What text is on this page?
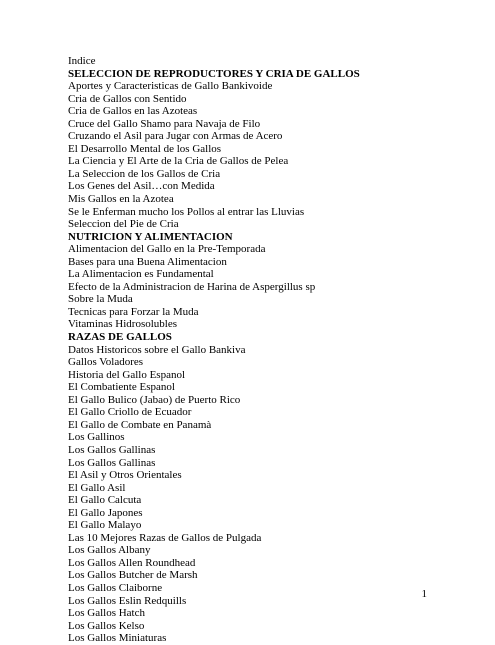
Indice
SELECCION DE REPRODUCTORES Y CRIA DE GALLOS
Aportes y Caracteristicas de Gallo Bankivoide
Cria de Gallos con Sentido
Cria de Gallos en las Azoteas
Cruce del Gallo Shamo para Navaja de Filo
Cruzando el Asil para Jugar con Armas de Acero
El Desarrollo Mental de los Gallos
La Ciencia y El Arte de la Cria de Gallos de Pelea
La Seleccion de los Gallos de Cria
Los Genes del Asil…con Medida
Mis Gallos en la Azotea
Se le Enferman mucho los Pollos al entrar las Lluvias
Seleccion del Pie de Cria
NUTRICION Y ALIMENTACION
Alimentacion del Gallo en la Pre-Temporada
Bases para una Buena Alimentacion
La Alimentacion es Fundamental
Efecto de la Administracion de Harina de Aspergillus sp
Sobre la Muda
Tecnicas para Forzar la Muda
Vitaminas Hidrosolubles
RAZAS DE GALLOS
Datos Historicos sobre el Gallo Bankiva
Gallos Voladores
Historia del Gallo Espanol
El Combatiente Espanol
El Gallo Bulico (Jabao) de Puerto Rico
El Gallo Criollo de Ecuador
El Gallo de Combate en Panamà
Los Gallinos
Los Gallos Gallinas
Los Gallos Gallinas
El Asil y Otros Orientales
El Gallo Asil
El Gallo Calcuta
El Gallo Japones
El Gallo Malayo
Las 10 Mejores Razas de Gallos de Pulgada
Los Gallos Albany
Los Gallos Allen Roundhead
Los Gallos Butcher de Marsh
Los Gallos Claiborne
Los Gallos Eslin Redquills
Los Gallos Hatch
Los Gallos Kelso
Los Gallos Miniaturas
1
